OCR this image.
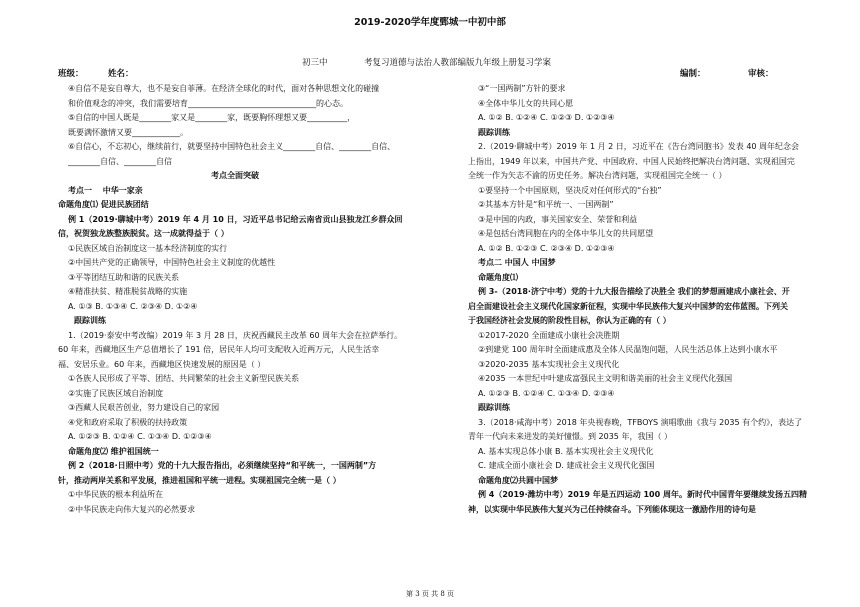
2019-2020学年度鄄城一中初中部
初三中	考复习道德与法治人教部编版九年级上册复习学案
班级：	姓名：	编制：	审核：
④自信不是妄自尊大，也不是妄自菲薄。在经济全球化的时代，面对各种思想文化的碰撞
和价值观念的冲突，我们需要培育________________________________的心态。
⑤自信的中国人既是________家又是________家，既要胸怀理想又要__________，
既要满怀激情又要____________。
⑥自信心，不忘初心，继续前行，就要坚持中国特色社会主义________自信、________自信、
________自信、________自信
考点全面突破
考点一　 中华一家亲
命题角度⑴ 促进民族团结
例 1（2019·聊城中考）2019 年 4 月 10 日，习近平总书记给云南省贡山县独龙江乡群众回
信，祝贺独龙族整族脱贫。这一成就得益于（ ）
①民族区域自治制度这一基本经济制度的实行
②中国共产党的正确领导，中国特色社会主义制度的优越性
③平等团结互助和谐的民族关系
④精准扶贫、精准脱贫战略的实施
A. ①③ B. ①③④ C. ②③④ D. ①②④
跟踪训练
1.（2019·泰安中考改编）2019 年 3 月 28 日，庆祝西藏民主改革 60 周年大会在拉萨举行。
60 年来，西藏地区生产总值增长了 191 倍，居民年人均可支配收入近两万元，人民生活幸
福、安居乐业。60 年来，西藏地区快速发展的原因是（ ）
①各族人民形成了平等、团结、共同繁荣的社会主义新型民族关系
②实施了民族区域自治制度
③西藏人民艰苦创业，努力建设自己的家园
④党和政府采取了积极的扶持政策
A. ①②③ B. ①②④ C. ①③④ D. ①②③④
命题角度⑵ 维护祖国统一
例 2（2018·日照中考）党的十九大报告指出，必须继续坚持“和平统一，一国两制”方
针，推动两岸关系和平发展，推进祖国和平统一进程。实现祖国完全统一是（ ）
①中华民族的根本利益所在
②中华民族走向伟大复兴的必然要求
③“一国两制”方针的要求
④全体中华儿女的共同心愿
A. ①② B. ①②④ C. ①②③ D. ①②③④
跟踪训练
2.（2019·聊城中考）2019 年 1 月 2 日，习近平在《告台湾同胞书》发表 40 周年纪念会
上指出，1949 年以来，中国共产党、中国政府、中国人民始终把解决台湾问题、实现祖国完
全统一作为矢志不渝的历史任务。解决台湾问题，实现祖国完全统一（ ）
①要坚持一个中国原则，坚决反对任何形式的“台独”
②其基本方针是“和平统一、一国两制”
③是中国的内政，事关国家安全、荣誉和利益
④是包括台湾同胞在内的全体中华儿女的共同愿望
A. ①② B. ①②③ C. ②③④ D. ①②③④
考点二 中国人 中国梦
命题角度⑴
例 3-（2018·济宁中考）党的十九大报告描绘了决胜全 我们的梦想画建成小康社会、开
启全面建设社会主义现代化国家新征程，实现中华民族伟大复兴中国梦的宏伟蓝图。下列关
于我国经济社会发展的阶段性目标，你认为正确的有（ ）
①2017-2020 全面建成小康社会决胜期
②到建党 100 周年时全面建成惠及全体人民温饱问题，人民生活总体上达到小康水平
③2020-2035 基本实现社会主义现代化
④2035 一本世纪中叶建成富强民主文明和谐美丽的社会主义现代化强国
A. ①②③ B. ①②④ C. ①③④ D. ②③④
跟踪训练
3.（2018·咸海中考）2018 年央视春晚，TFBOYS 演唱歌曲《我与 2035 有个约》，表达了
青年一代向未来进发的美好憧憬。到 2035 年，我国（ ）
A. 基本实现总体小康 B. 基本实现社会主义现代化
C. 建成全面小康社会 D. 建成社会主义现代化强国
命题角度⑵共圆中国梦
例 4（2019·潍坊中考）2019 年是五四运动 100 周年。新时代中国青年要继续发扬五四精
神，以实现中华民族伟大复兴为己任持续奋斗。下列能体现这一激励作用的诗句是
第 3 页 共 8 页
